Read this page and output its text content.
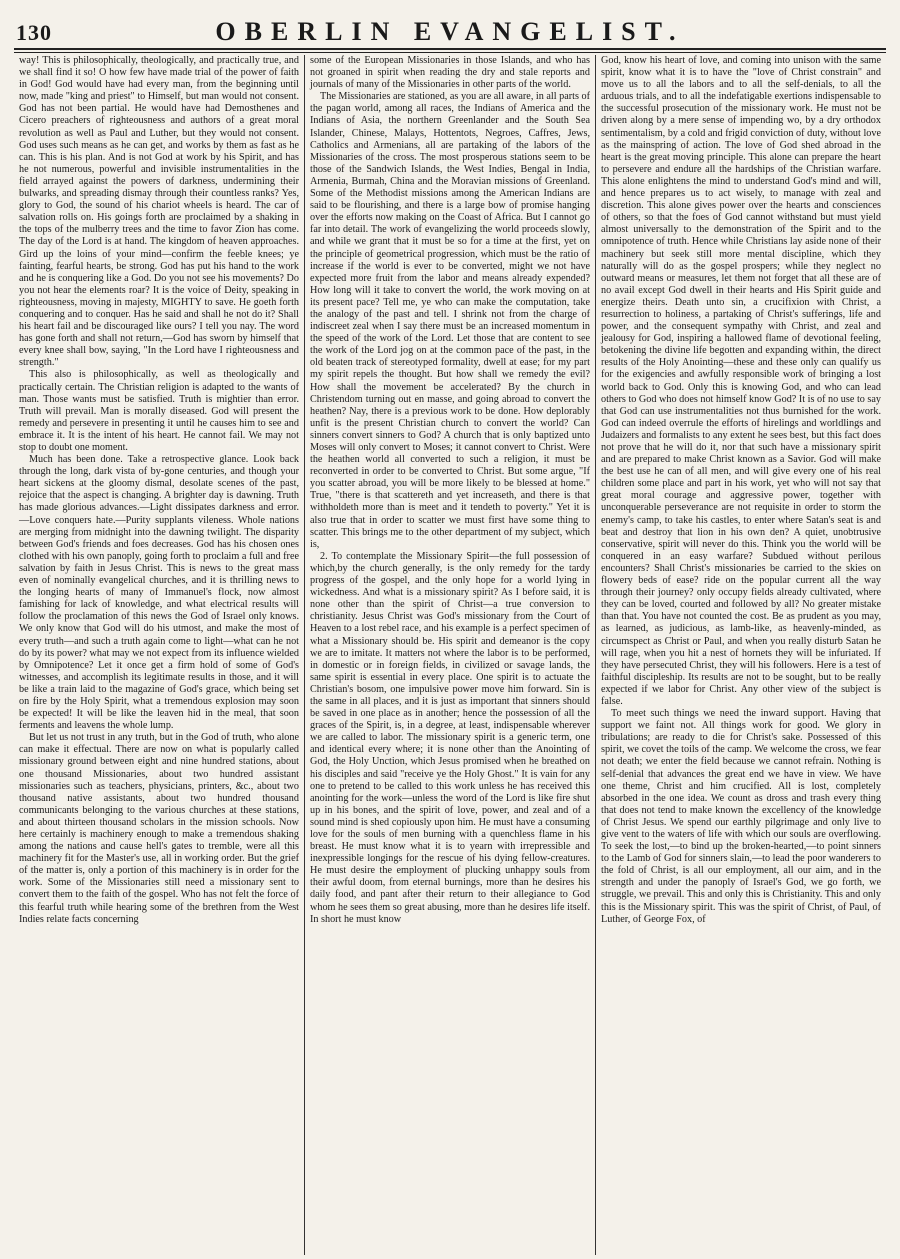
130	OBERLIN EVANGELIST.

way! This is philosophically, theologically, and practically true, and we shall find it so! O how few have made trial of the power of faith in God! God would have had every man, from the beginning until now, made "king and priest" to Himself, but man would not consent. God has not been partial. He would have had Demosthenes and Cicero preachers of righteousness and authors of a great moral revolution as well as Paul and Luther, but they would not consent. God uses such means as he can get, and works by them as fast as he can. This is his plan. And is not God at work by his Spirit, and has he not numerous, powerful and invisible instrumentalities in the field arrayed against the powers of darkness, undermining their bulwarks, and spreading dismay through their countless ranks? Yes, glory to God, the sound of his chariot wheels is heard. The car of salvation rolls on. His goings forth are proclaimed by a shaking in the tops of the mulberry trees and the time to favor Zion has come. The day of the Lord is at hand. The kingdom of heaven approaches. Gird up the loins of your mind—confirm the feeble knees; ye fainting, fearful hearts, be strong. God has put his hand to the work and he is conquering like a God. Do you not see his movements? Do you not hear the elements roar? It is the voice of Deity, speaking in righteousness, moving in majesty, MIGHTY to save. He goeth forth conquering and to conquer. Has he said and shall he not do it? Shall his heart fail and be discouraged like ours? I tell you nay. The word has gone forth and shall not return,—God has sworn by himself that every knee shall bow, saying, "In the Lord have I righteousness and strength."

This also is philosophically, as well as theologically and practically certain. The Christian religion is adapted to the wants of man. Those wants must be satisfied. Truth is mightier than error. Truth will prevail. Man is morally diseased. God will present the remedy and persevere in presenting it until he causes him to see and embrace it. It is the intent of his heart. He cannot fail. We may not stop to doubt one moment.

Much has been done. Take a retrospective glance. Look back through the long, dark vista of by-gone centuries, and though your heart sickens at the gloomy dismal, desolate scenes of the past, rejoice that the aspect is changing. A brighter day is dawning. Truth has made glorious advances.—Light dissipates darkness and error.—Love conquers hate.—Purity supplants vileness. Whole nations are merging from midnight into the dawning twilight. The disparity between God's friends and foes decreases. God has his chosen ones clothed with his own panoply, going forth to proclaim a full and free salvation by faith in Jesus Christ. This is news to the great mass even of nominally evangelical churches, and it is thrilling news to the longing hearts of many of Immanuel's flock, now almost famishing for lack of knowledge, and what electrical results will follow the proclamation of this news the God of Israel only knows. We only know that God will do his utmost, and make the most of every truth—and such a truth again come to light—what can he not do by its power? what may we not expect from its influence wielded by Omnipotence? Let it once get a firm hold of some of God's witnesses, and accomplish its legitimate results in those, and it will be like a train laid to the magazine of God's grace, which being set on fire by the Holy Spirit, what a tremendous explosion may soon be expected! It will be like the leaven hid in the meal, that soon ferments and leavens the whole lump.

But let us not trust in any truth, but in the God of truth, who alone can make it effectual. There are now on what is popularly called missionary ground between eight and nine hundred stations, about one thousand Missionaries, about two hundred assistant missionaries such as teachers, physicians, printers, &c., about two thousand native assistants, about two hundred thousand communicants belonging to the various churches at these stations, and about thirteen thousand scholars in the mission schools. Now here certainly is machinery enough to make a tremendous shaking among the nations and cause hell's gates to tremble, were all this machinery fit for the Master's use, all in working order. But the grief of the matter is, only a portion of this machinery is in order for the work. Some of the Missionaries still need a missionary sent to convert them to the faith of the gospel. Who has not felt the force of this fearful truth while hearing some of the brethren from the West Indies relate facts concerning

some of the European Missionaries in those Islands, and who has not groaned in spirit when reading the dry and stale reports and journals of many of the Missionaries in other parts of the world.

The Missionaries are stationed, as you are all aware, in all parts of the pagan world, among all races, the Indians of America and the Indians of Asia, the northern Greenlander and the South Sea Islander, Chinese, Malays, Hottentots, Negroes, Caffres, Jews, Catholics and Armenians, all are partaking of the labors of the Missionaries of the cross. The most prosperous stations seem to be those of the Sandwich Islands, the West Indies, Bengal in India, Armenia, Burmah, China and the Moravian missions of Greenland. Some of the Methodist missions among the American Indians are said to be flourishing, and there is a large bow of promise hanging over the efforts now making on the Coast of Africa. But I cannot go far into detail. The work of evangelizing the world proceeds slowly, and while we grant that it must be so for a time at the first, yet on the principle of geometrical progression, which must be the ratio of increase if the world is ever to be converted, might we not have expected more fruit from the labor and means already expended? How long will it take to convert the world, the work moving on at its present pace? Tell me, ye who can make the computation, take the analogy of the past and tell. I shrink not from the charge of indiscreet zeal when I say there must be an increased momentum in the speed of the work of the Lord. Let those that are content to see the work of the Lord jog on at the common pace of the past, in the old beaten track of stereotyped formality, dwell at ease; for my part my spirit repels the thought. But how shall we remedy the evil? How shall the movement be accelerated? By the church in Christendom turning out en masse, and going abroad to convert the heathen? Nay, there is a previous work to be done. How deplorably unfit is the present Christian church to convert the world? Can sinners convert sinners to God? A church that is only baptized unto Moses will only convert to Moses; it cannot convert to Christ. Were the heathen world all converted to such a religion, it must be reconverted in order to be converted to Christ. But some argue, "If you scatter abroad, you will be more likely to be blessed at home." True, "there is that scattereth and yet increaseth, and there is that withholdeth more than is meet and it tendeth to poverty." Yet it is also true that in order to scatter we must first have some thing to scatter. This brings me to the other department of my subject, which is,

2. To contemplate the Missionary Spirit—the full possession of which,by the church generally, is the only remedy for the tardy progress of the gospel, and the only hope for a world lying in wickedness. And what is a missionary spirit? As I before said, it is none other than the spirit of Christ—a true conversion to christianity. Jesus Christ was God's missionary from the Court of Heaven to a lost rebel race, and his example is a perfect specimen of what a Missionary should be. His spirit and demeanor is the copy we are to imitate. It matters not where the labor is to be performed, in domestic or in foreign fields, in civilized or savage lands, the same spirit is essential in every place. One spirit is to actuate the Christian's bosom, one impulsive power move him forward. Sin is the same in all places, and it is just as important that sinners should be saved in one place as in another; hence the possession of all the graces of the Spirit, is, in a degree, at least, indispensable wherever we are called to labor. The missionary spirit is a generic term, one and identical every where; it is none other than the Anointing of God, the Holy Unction, which Jesus promised when he breathed on his disciples and said "receive ye the Holy Ghost." It is vain for any one to pretend to be called to this work unless he has received this anointing for the work—unless the word of the Lord is like fire shut up in his bones, and the spirit of love, power, and zeal and of a sound mind is shed copiously upon him. He must have a consuming love for the souls of men burning with a quenchless flame in his breast. He must know what it is to yearn with irrepressible and inexpressible longings for the rescue of his dying fellow-creatures. He must desire the employment of plucking unhappy souls from their awful doom, from eternal burnings, more than he desires his daily food, and pant after their return to their allegiance to God whom he sees them so great abusing, more than he desires life itself. In short he must know

God, know his heart of love, and coming into unison with the same spirit, know what it is to have the "love of Christ constrain" and move us to all the labors and to all the self-denials, to all the arduous trials, and to all the indefatigable exertions indispensable to the successful prosecution of the missionary work. He must not be driven along by a mere sense of impending wo, by a dry orthodox sentimentalism, by a cold and frigid conviction of duty, without love as the mainspring of action. The love of God shed abroad in the heart is the great moving principle. This alone can prepare the heart to persevere and endure all the hardships of the Christian warfare. This alone enlightens the mind to understand God's mind and will, and hence prepares us to act wisely, to manage with zeal and discretion. This alone gives power over the hearts and consciences of others, so that the foes of God cannot withstand but must yield almost universally to the demonstration of the Spirit and to the omnipotence of truth. Hence while Christians lay aside none of their machinery but seek still more mental discipline, which they naturally will do as the gospel prospers; while they neglect no outward means or measures, let them not forget that all these are of no avail except God dwell in their hearts and His Spirit guide and energize theirs. Death unto sin, a crucifixion with Christ, a resurrection to holiness, a partaking of Christ's sufferings, life and power, and the consequent sympathy with Christ, and zeal and jealousy for God, inspiring a hallowed flame of devotional feeling, betokening the divine life begotten and expanding within, the direct results of the Holy Anointing—these and these only can qualify us for the exigencies and awfully responsible work of bringing a lost world back to God. Only this is knowing God, and who can lead others to God who does not himself know God? It is of no use to say that God can use instrumentalities not thus burnished for the work. God can indeed overrule the efforts of hirelings and worldlings and Judaizers and formalists to any extent he sees best, but this fact does not prove that he will do it, nor that such have a missionary spirit and are prepared to make Christ known as a Savior. God will make the best use he can of all men, and will give every one of his real children some place and part in his work, yet who will not say that great moral courage and aggressive power, together with unconquerable perseverance are not requisite in order to storm the enemy's camp, to take his castles, to enter where Satan's seat is and beat and destroy that lion in his own den? A quiet, unobtrusive conservative, spirit will never do this. Think you the world will be conquered in an easy warfare? Subdued without perilous encounters? Shall Christ's missionaries be carried to the skies on flowery beds of ease? ride on the popular current all the way through their journey? only occupy fields already cultivated, where they can be loved, courted and followed by all? No greater mistake than that. You have not counted the cost. Be as prudent as you may, as learned, as judicious, as lamb-like, as heavenly-minded, as circumspect as Christ or Paul, and when you really disturb Satan he will rage, when you hit a nest of hornets they will be infuriated. If they have persecuted Christ, they will his followers. Here is a test of faithful discipleship. Its results are not to be sought, but to be really expected if we labor for Christ. Any other view of the subject is false.

To meet such things we need the inward support. Having that support we faint not. All things work for good. We glory in tribulations; are ready to die for Christ's sake. Possessed of this spirit, we covet the toils of the camp. We welcome the cross, we fear not death; we enter the field because we cannot refrain. Nothing is self-denial that advances the great end we have in view. We have one theme, Christ and him crucified. All is lost, completely absorbed in the one idea. We count as dross and trash every thing that does not tend to make known the excellency of the knowledge of Christ Jesus. We spend our earthly pilgrimage and only live to give vent to the waters of life with which our souls are overflowing. To seek the lost,—to bind up the broken-hearted,—to point sinners to the Lamb of God for sinners slain,—to lead the poor wanderers to the fold of Christ, is all our employment, all our aim, and in the strength and under the panoply of Israel's God, we go forth, we struggle, we prevail. This and only this is Christianity. This and only this is the Missionary spirit. This was the spirit of Christ, of Paul, of Luther, of George Fox, of
